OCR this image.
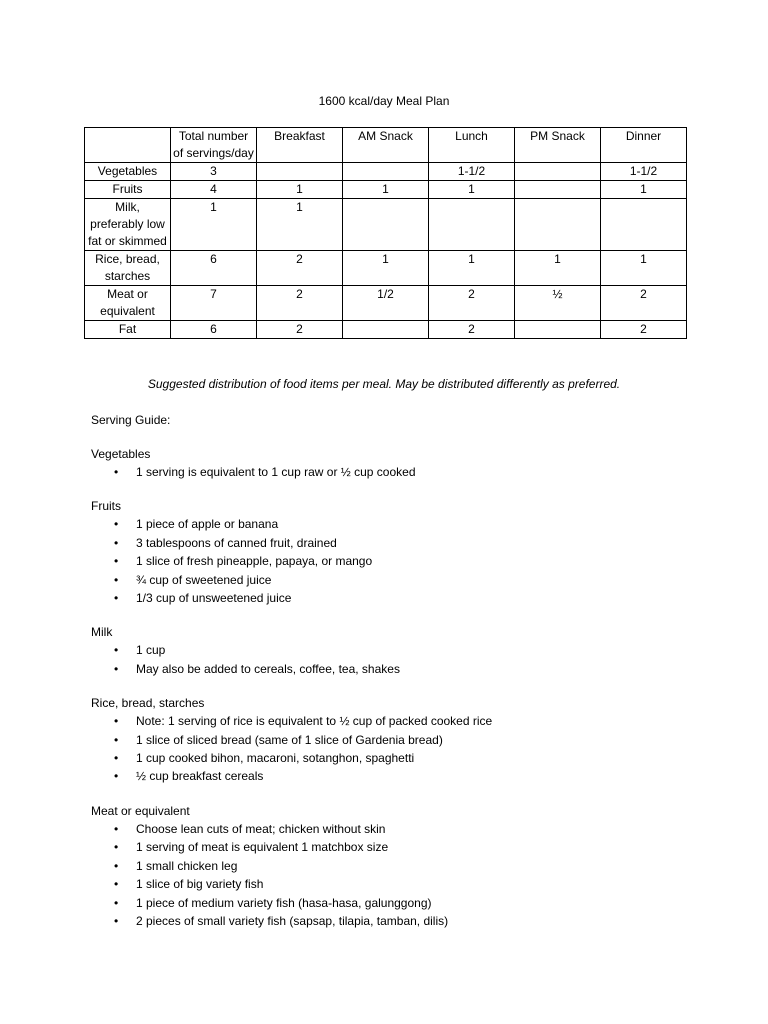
1600 kcal/day Meal Plan
	Total number of servings/day	Breakfast	AM Snack	Lunch	PM Snack	Dinner
Vegetables	3			1-1/2		1-1/2
Fruits	4	1	1	1		1
Milk, preferably low fat or skimmed	1	1				
Rice, bread, starches	6	2	1	1	1	1
Meat or equivalent	7	2	1/2	2	½	2
Fat	6	2		2		2
Suggested distribution of food items per meal. May be distributed differently as preferred.
Serving Guide:
Vegetables
• 1 serving is equivalent to 1 cup raw or ½ cup cooked
Fruits
• 1 piece of apple or banana
• 3 tablespoons of canned fruit, drained
• 1 slice of fresh pineapple, papaya, or mango
• ¾ cup of sweetened juice
• 1/3 cup of unsweetened juice
Milk
• 1 cup
• May also be added to cereals, coffee, tea, shakes
Rice, bread, starches
• Note: 1 serving of rice is equivalent to ½ cup of packed cooked rice
• 1 slice of sliced bread (same of 1 slice of Gardenia bread)
• 1 cup cooked bihon, macaroni, sotanghon, spaghetti
• ½ cup breakfast cereals
Meat or equivalent
• Choose lean cuts of meat; chicken without skin
• 1 serving of meat is equivalent 1 matchbox size
• 1 small chicken leg
• 1 slice of big variety fish
• 1 piece of medium variety fish (hasa-hasa, galunggong)
• 2 pieces of small variety fish (sapsap, tilapia, tamban, dilis)
